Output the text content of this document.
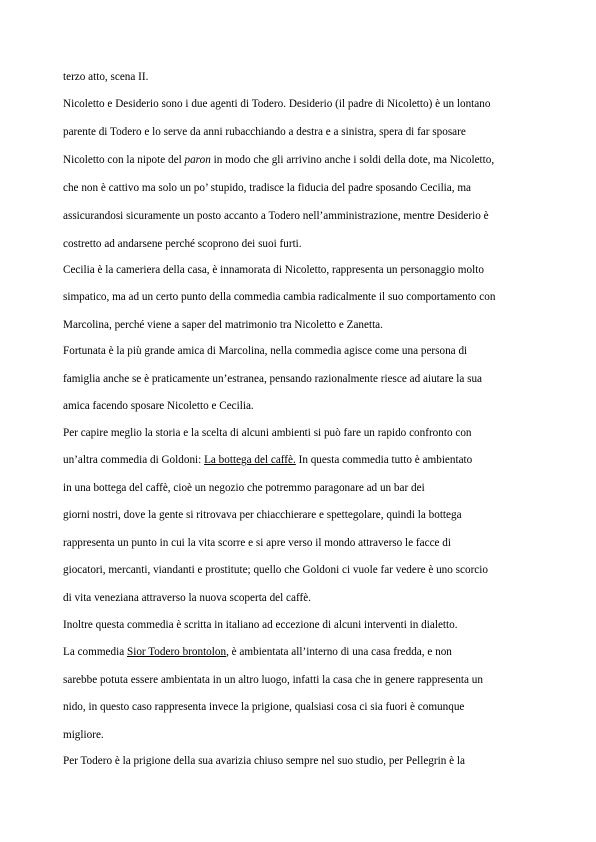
terzo atto, scena II.

Nicoletto e Desiderio sono i due agenti di Todero. Desiderio (il padre di Nicoletto) è un lontano

parente di Todero e lo serve da anni rubacchiando a destra e a sinistra, spera di far sposare

Nicoletto con la nipote del paron in modo che gli arrivino anche i soldi della dote, ma Nicoletto,

che non è cattivo ma solo un po’ stupido, tradisce la fiducia del padre sposando Cecilia, ma

assicurandosi sicuramente un posto accanto a Todero nell’amministrazione, mentre Desiderio è

costretto ad andarsene perché scoprono dei suoi furti.

Cecilia è la cameriera della casa, è innamorata di Nicoletto, rappresenta un personaggio molto

simpatico, ma ad un certo punto della commedia cambia radicalmente il suo comportamento con

Marcolina, perché viene a saper del matrimonio tra Nicoletto e Zanetta.

Fortunata è la più grande amica di Marcolina, nella commedia agisce come una persona di

famiglia anche se è praticamente un’estranea, pensando razionalmente riesce ad aiutare la sua

amica facendo sposare Nicoletto e Cecilia.

Per capire meglio la storia e la scelta di alcuni ambienti si può fare un rapido confronto con

un’altra commedia di Goldoni: La bottega del caffè. In questa commedia tutto è ambientato

in una bottega del caffè, cioè un negozio che potremmo paragonare ad un bar dei

giorni nostri, dove la gente si ritrovava per chiacchierare e spettegolare, quindi la bottega

rappresenta un punto in cui la vita scorre e si apre verso il mondo attraverso le facce di

giocatori, mercanti, viandanti e prostitute; quello che Goldoni ci vuole far vedere è uno scorcio

di vita veneziana attraverso la nuova scoperta del caffè.

Inoltre questa commedia è scritta in italiano ad eccezione di alcuni interventi in dialetto.

La commedia Sior Todero brontolon, è ambientata all’interno di una casa fredda, e non

sarebbe potuta essere ambientata in un altro luogo, infatti la casa che in genere rappresenta un

nido, in questo caso rappresenta invece la prigione, qualsiasi cosa ci sia fuori è comunque

migliore.

Per Todero è la prigione della sua avarizia chiuso sempre nel suo studio, per Pellegrin è la
